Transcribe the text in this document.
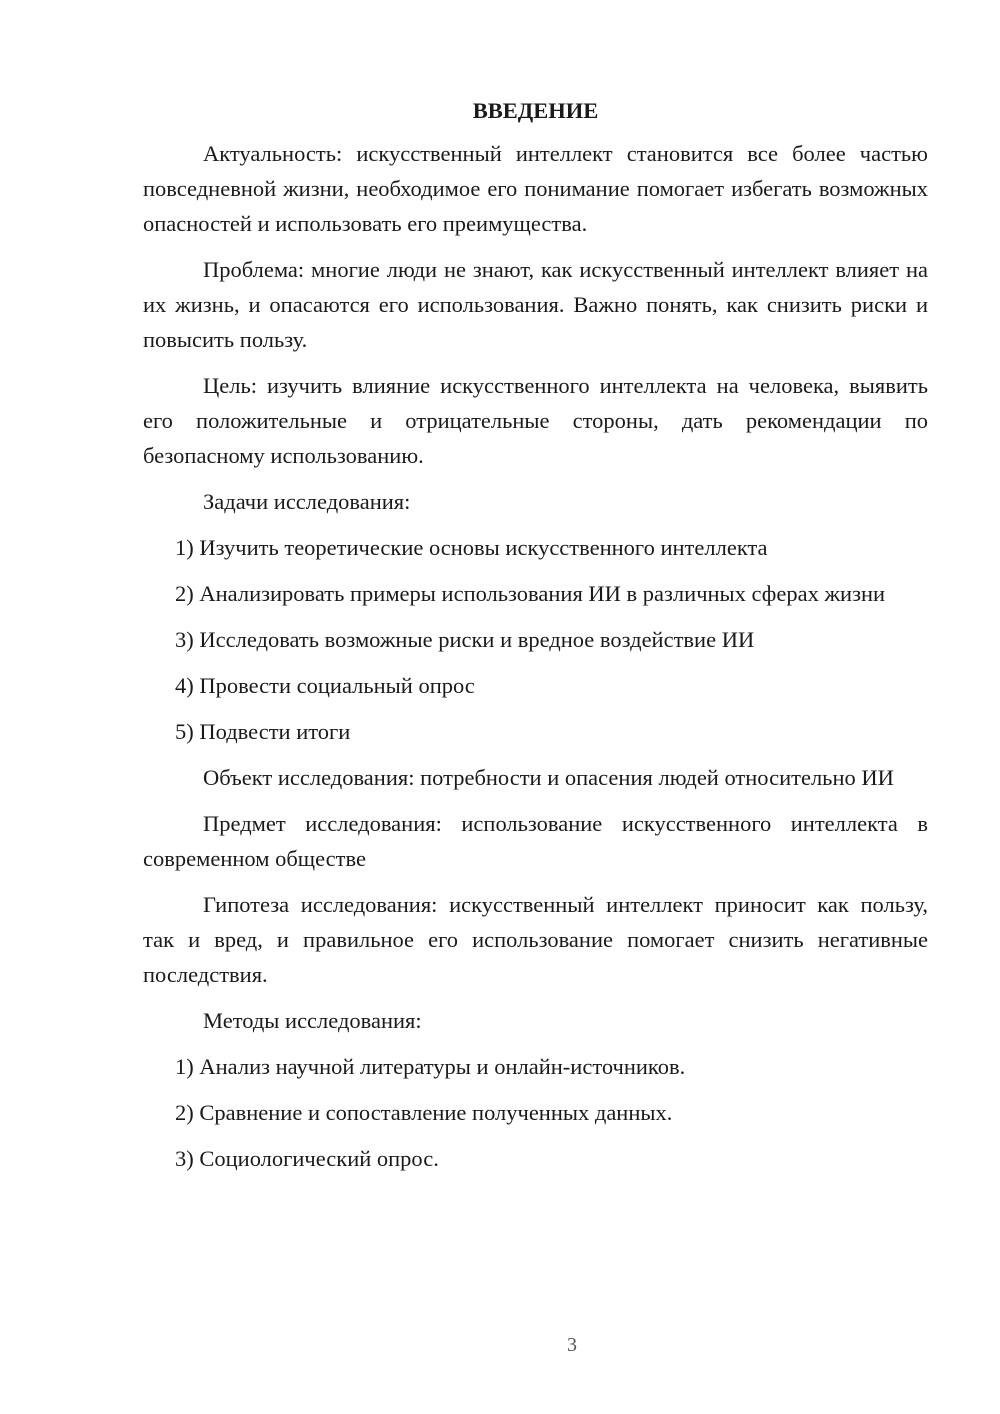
ВВЕДЕНИЕ

Актуальность: искусственный интеллект становится все более частью повседневной жизни, необходимое его понимание помогает избегать возможных опасностей и использовать его преимущества.

Проблема: многие люди не знают, как искусственный интеллект влияет на их жизнь, и опасаются его использования. Важно понять, как снизить риски и повысить пользу.

Цель: изучить влияние искусственного интеллекта на человека, выявить его положительные и отрицательные стороны, дать рекомендации по безопасному использованию.

Задачи исследования:

1) Изучить теоретические основы искусственного интеллекта

2) Анализировать примеры использования ИИ в различных сферах жизни

3) Исследовать возможные риски и вредное воздействие ИИ

4) Провести социальный опрос

5) Подвести итоги

Объект исследования: потребности и опасения людей относительно ИИ

Предмет исследования: использование искусственного интеллекта в современном обществе

Гипотеза исследования: искусственный интеллект приносит как пользу, так и вред, и правильное его использование помогает снизить негативные последствия.

Методы исследования:

1) Анализ научной литературы и онлайн-источников.

2) Сравнение и сопоставление полученных данных.

3) Социологический опрос.

3
